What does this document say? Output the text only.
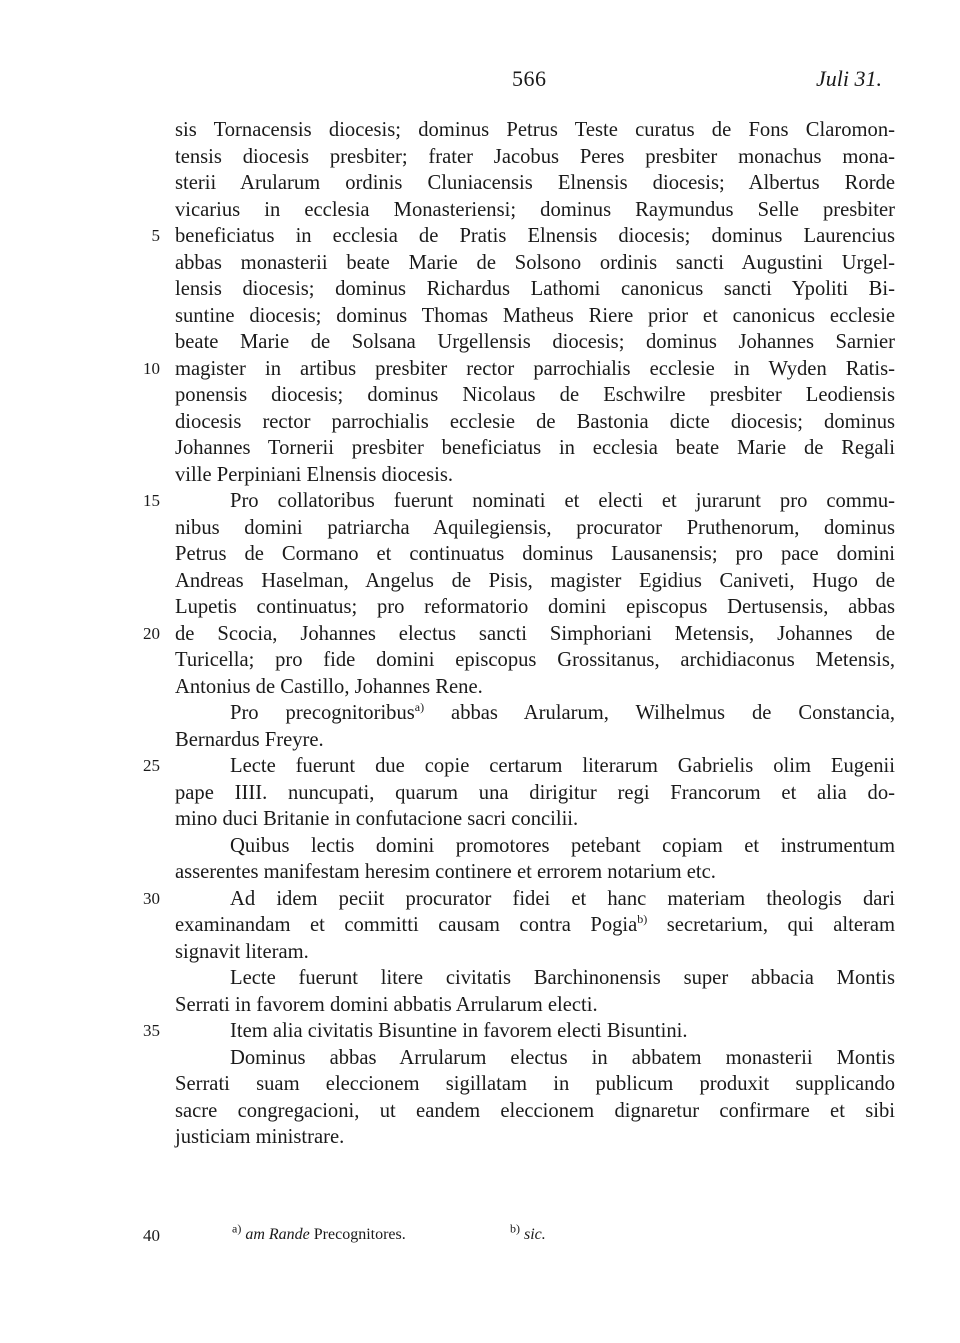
566	Juli 31.
5
10
15
20
25
30
35
sis Tornacensis diocesis; dominus Petrus Teste curatus de Fons Claromon-
tensis diocesis presbiter; frater Jacobus Peres presbiter monachus mona-
sterii Arularum ordinis Cluniacensis Elnensis diocesis; Albertus Rorde
vicarius in ecclesia Monasteriensi; dominus Raymundus Selle presbiter
beneficiatus in ecclesia de Pratis Elnensis diocesis; dominus Laurencius
abbas monasterii beate Marie de Solsono ordinis sancti Augustini Urgel-
lensis diocesis; dominus Richardus Lathomi canonicus sancti Ypoliti Bi-
suntine diocesis; dominus Thomas Matheus Riere prior et canonicus ecclesie
beate Marie de Solsana Urgellensis diocesis; dominus Johannes Sarnier
magister in artibus presbiter rector parrochialis ecclesie in Wyden Ratis-
ponensis diocesis; dominus Nicolaus de Eschwilre presbiter Leodiensis
diocesis rector parrochialis ecclesie de Bastonia dicte diocesis; dominus
Johannes Tornerii presbiter beneficiatus in ecclesia beate Marie de Regali
ville Perpiniani Elnensis diocesis.
Pro collatoribus fuerunt nominati et electi et jurarunt pro commu-
nibus domini patriarcha Aquilegiensis, procurator Pruthenorum, dominus
Petrus de Cormano et continuatus dominus Lausanensis; pro pace domini
Andreas Haselman, Angelus de Pisis, magister Egidius Caniveti, Hugo de
Lupetis continuatus; pro reformatorio domini episcopus Dertusensis, abbas
de Scocia, Johannes electus sancti Simphoriani Metensis, Johannes de
Turicella; pro fide domini episcopus Grossitanus, archidiaconus Metensis,
Antonius de Castillo, Johannes Rene.
Pro precognitoribus$^{a)}$ abbas Arularum, Wilhelmus de Constancia,
Bernardus Freyre.
Lecte fuerunt due copie certarum literarum Gabrielis olim Eugenii
pape IIII. nuncupati, quarum una dirigitur regi Francorum et alia do-
mino duci Britanie in confutacione sacri concilii.
Quibus lectis domini promotores petebant copiam et instrumentum
asserentes manifestam heresim continere et errorem notarium etc.
Ad idem peciit procurator fidei et hanc materiam theologis dari
examinandam et committi causam contra Pogia$^{b)}$ secretarium, qui alteram
signavit literam.
Lecte fuerunt litere civitatis Barchinonensis super abbacia Montis
Serrati in favorem domini abbatis Arrularum electi.
Item alia civitatis Bisuntine in favorem electi Bisuntini.
Dominus abbas Arrularum electus in abbatem monasterii Montis
Serrati suam eleccionem sigillatam in publicum produxit supplicando
sacre congregacioni, ut eandem eleccionem dignaretur confirmare et sibi
justiciam ministrare.
40	$^{a)}$ am Rande Precognitores.	$^{b)}$ sic.
